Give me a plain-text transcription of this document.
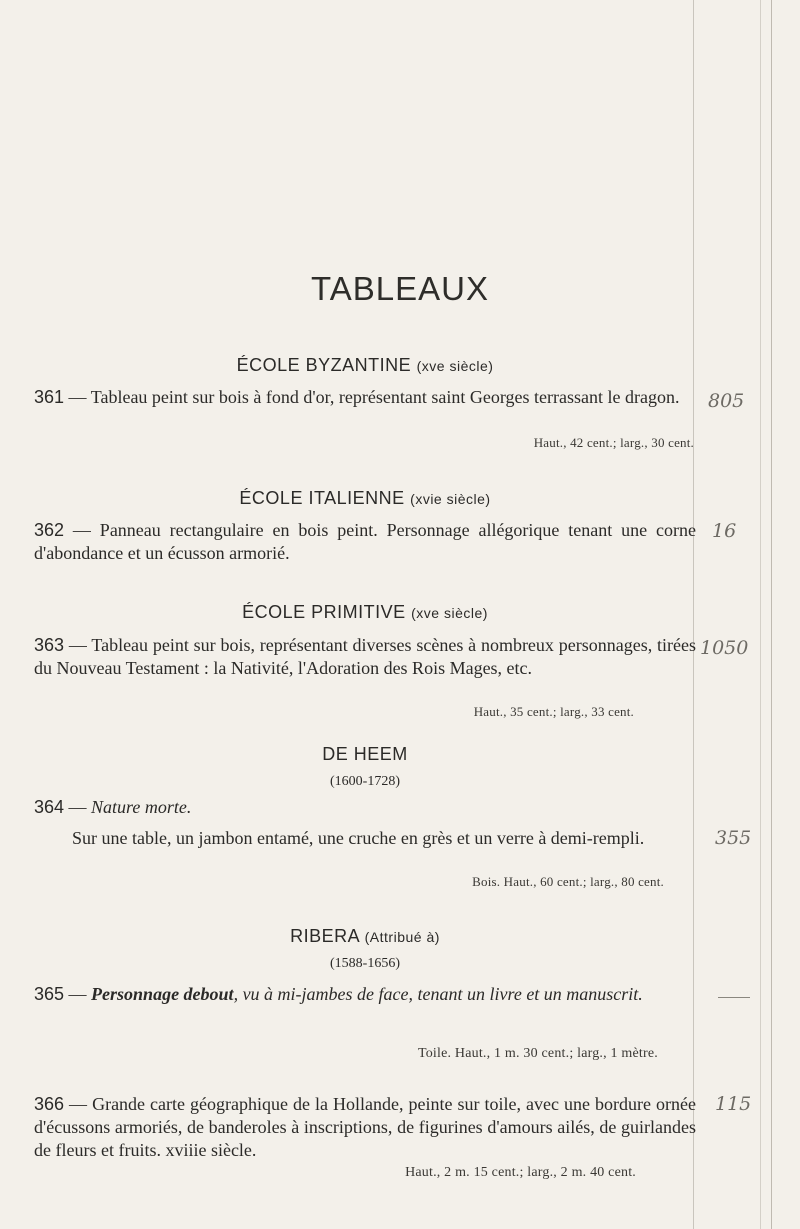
TABLEAUX
ÉCOLE BYZANTINE (xve siècle)
361 — Tableau peint sur bois à fond d'or, représentant saint Georges terrassant le dragon.
Haut., 42 cent.; larg., 30 cent.
ÉCOLE ITALIENNE (xvie siècle)
362 — Panneau rectangulaire en bois peint. Personnage allégorique tenant une corne d'abondance et un écusson armorié.
ÉCOLE PRIMITIVE (xve siècle)
363 — Tableau peint sur bois, représentant diverses scènes à nombreux personnages, tirées du Nouveau Testament : la Nativité, l'Adoration des Rois Mages, etc.
Haut., 35 cent.; larg., 33 cent.
DE HEEM
(1600-1728)
364 — Nature morte.
Sur une table, un jambon entamé, une cruche en grès et un verre à demi-rempli.
Bois. Haut., 60 cent.; larg., 80 cent.
RIBERA (Attribué à)
(1588-1656)
365 — Personnage debout, vu à mi-jambes de face, tenant un livre et un manuscrit.
Toile. Haut., 1 m. 30 cent.; larg., 1 mètre.
366 — Grande carte géographique de la Hollande, peinte sur toile, avec une bordure ornée d'écussons armoriés, de banderoles à inscriptions, de figurines d'amours ailés, de guirlandes de fleurs et fruits. xviiie siècle.
Haut., 2 m. 15 cent.; larg., 2 m. 40 cent.
805
16
1050
355
115
